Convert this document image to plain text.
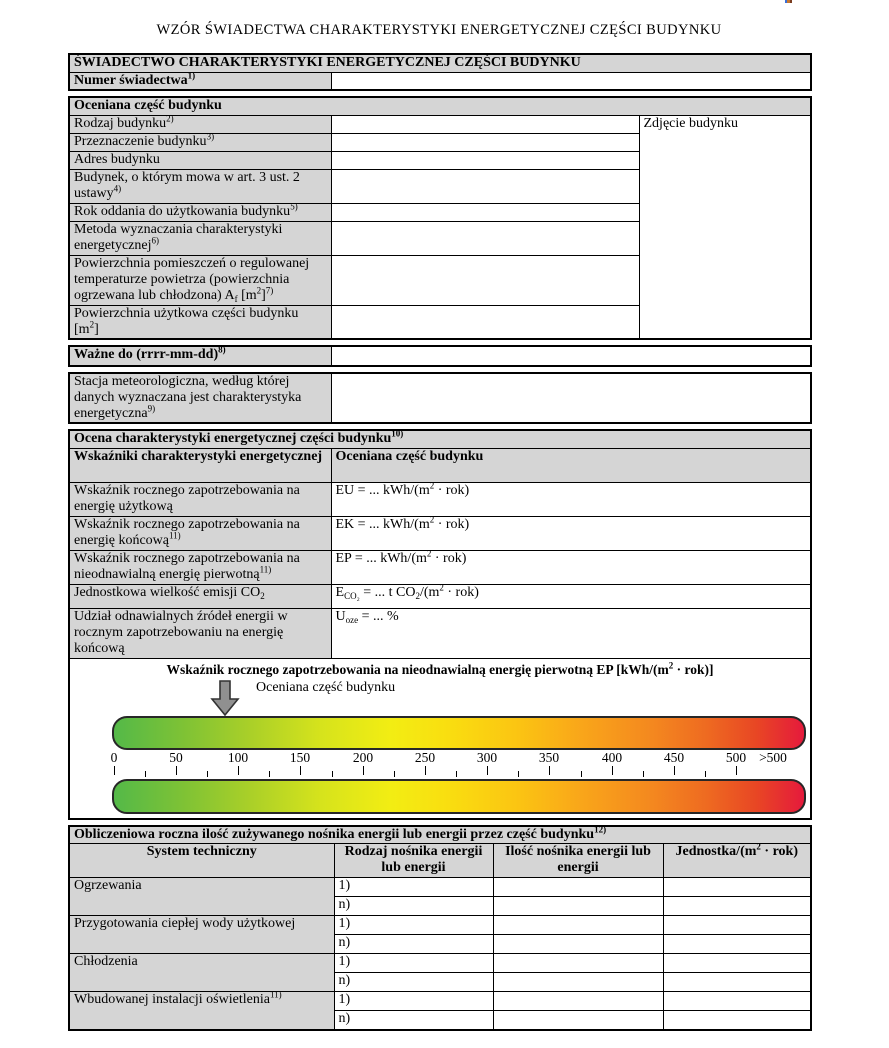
WZÓR ŚWIADECTWA CHARAKTERYSTYKI ENERGETYCZNEJ CZĘŚCI BUDYNKU
ŚWIADECTWO CHARAKTERYSTYKI ENERGETYCZNEJ CZĘŚCI BUDYNKU
Numer świadectwa$^{1)}$	
Oceniana część budynku		
Rodzaj budynku$^{2)}$		Zdjęcie budynku
Przeznaczenie budynku$^{3)}$	
Adres budynku		
Budynek, o którym mowa w art. 3 ust. 2 ustawy$^{4)}$	
Rok oddania do użytkowania budynku$^{5)}$	
Metoda wyznaczania charakterystyki energetycznej$^{6)}$	
Powierzchnia pomieszczeń o regulowanej temperaturze powietrza (powierzchnia ogrzewana lub chłodzona) $A_f$ $[m^2]^{7)}$	
Powierzchnia użytkowa części budynku $[m^2]$		
Ważne do (rrrr-mm-dd)$^{8)}$	
Stacja meteorologiczna, według której danych wyznaczana jest charakterystyka energetyczna$^{9)}$	
Ocena charakterystyki energetycznej części budynku$^{10)}$
Wskaźniki charakterystyki energetycznej	Oceniana część budynku
Wskaźnik rocznego zapotrzebowania na energię użytkową	EU = ... kWh/$(m^2 \cdot rok)$
Wskaźnik rocznego zapotrzebowania na energię końcową$^{11)}$	EK = ... kWh/$(m^2 \cdot rok)$
Wskaźnik rocznego zapotrzebowania na nieodnawialną energię pierwotną$^{11)}$	EP = ... kWh/$(m^2 \cdot rok)$
Jednostkowa wielkość emisji $CO_2$	$E_{CO_2}$ = ... t $CO_2/(m^2 \cdot rok)$
Udział odnawialnych źródeł energii w rocznym zapotrzebowaniu na energię końcową	$U_{oze}$ = ... %

Wskaźnik rocznego zapotrzebowania na nieodnawialną energię pierwotną EP $[kWh/(m^2 \cdot rok)]$
Oceniana część budynku
0	50	100	150	200	250	300	350	400	450	500 >500
Obliczeniowa roczna ilość zużywanego nośnika energii lub energii przez część budynku$^{12)}$
System techniczny	Rodzaj nośnika energii lub energii	Ilość nośnika energii lub energii	Jednostka/$(m^2 \cdot rok)$
Ogrzewania	1)		
	n)		
Przygotowania ciepłej wody użytkowej	1)		
	n)		
Chłodzenia	1)		
	n)		
Wbudowanej instalacji oświetlenia$^{11)}$	1)		
	n)		
